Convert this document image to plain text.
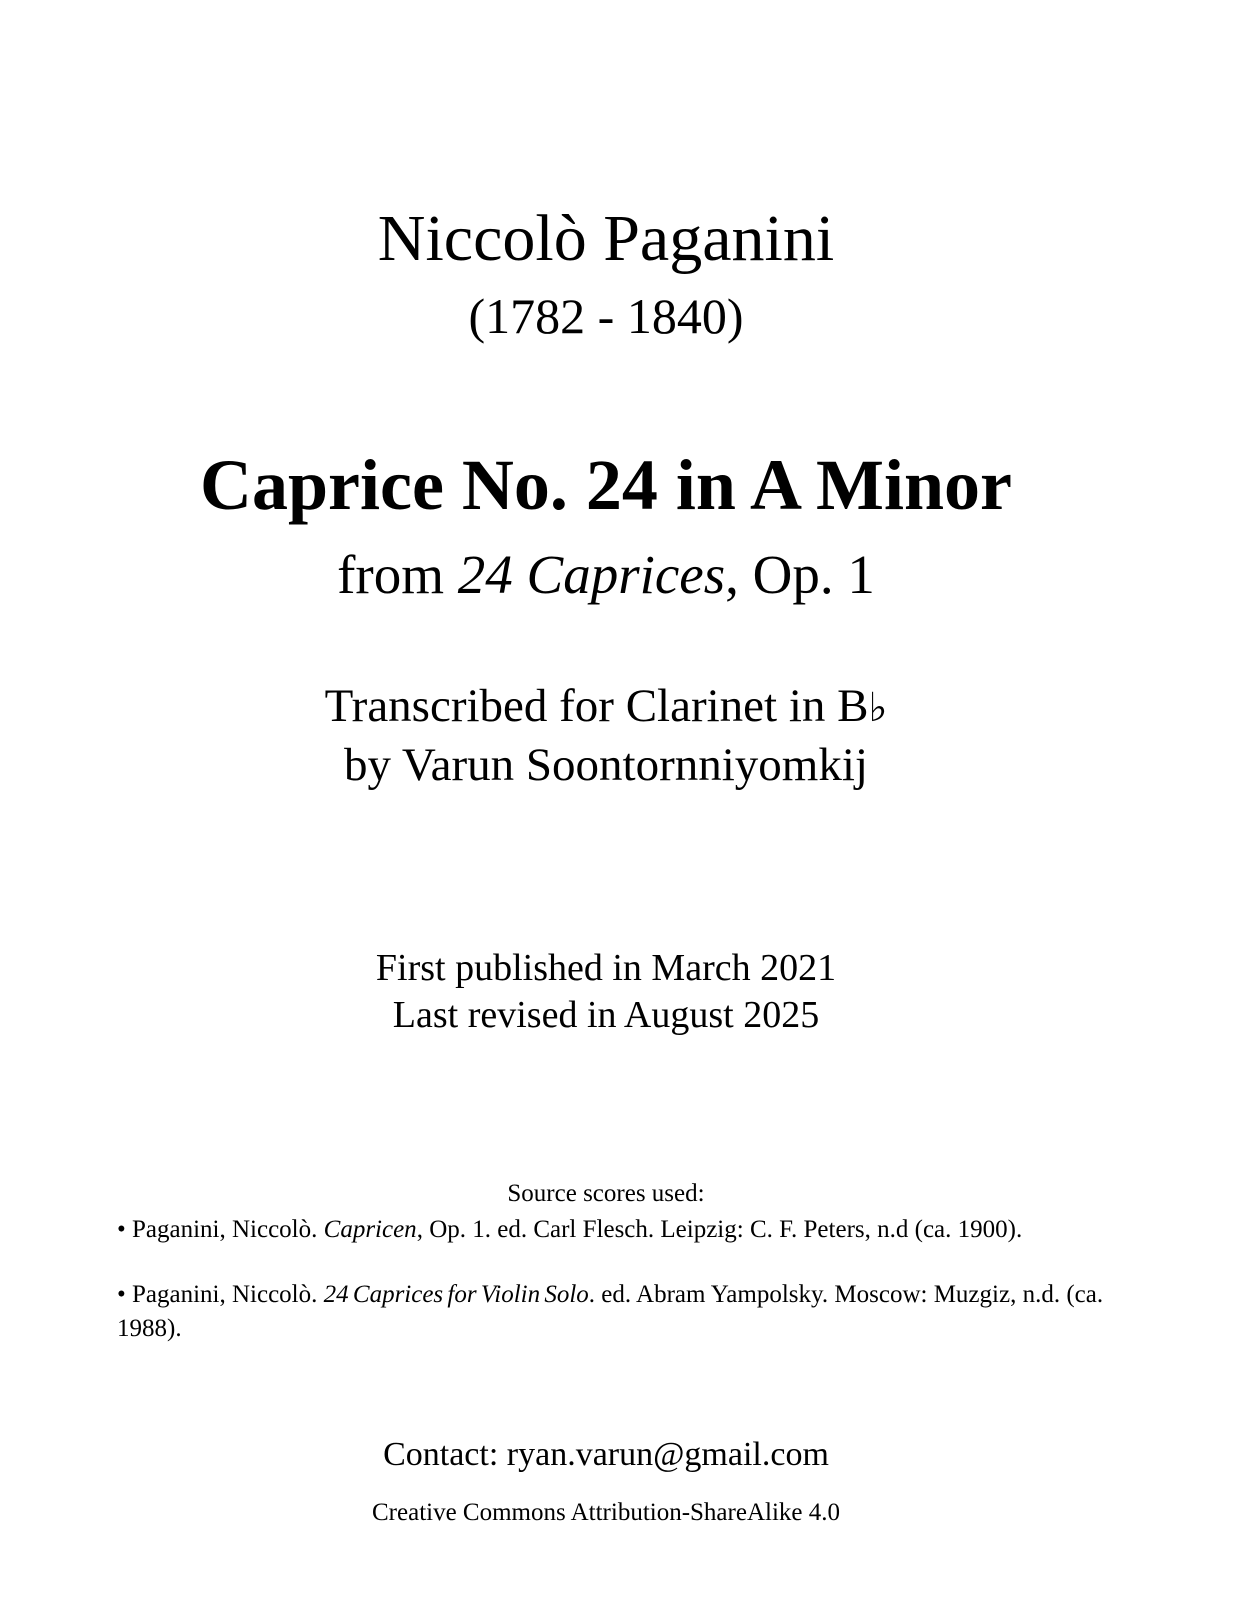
Niccolò Paganini
(1782 - 1840)
Caprice No. 24 in A Minor
from 24 Caprices, Op. 1
Transcribed for Clarinet in B♭
by Varun Soontornniyomkij
First published in March 2021
Last revised in August 2025
Source scores used:
• Paganini, Niccolò. Capricen, Op. 1. ed. Carl Flesch. Leipzig: C. F. Peters, n.d (ca. 1900).
• Paganini, Niccolò. 24 Caprices for Violin Solo. ed. Abram Yampolsky. Moscow: Muzgiz, n.d. (ca. 1988).
Contact: ryan.varun@gmail.com
Creative Commons Attribution-ShareAlike 4.0
